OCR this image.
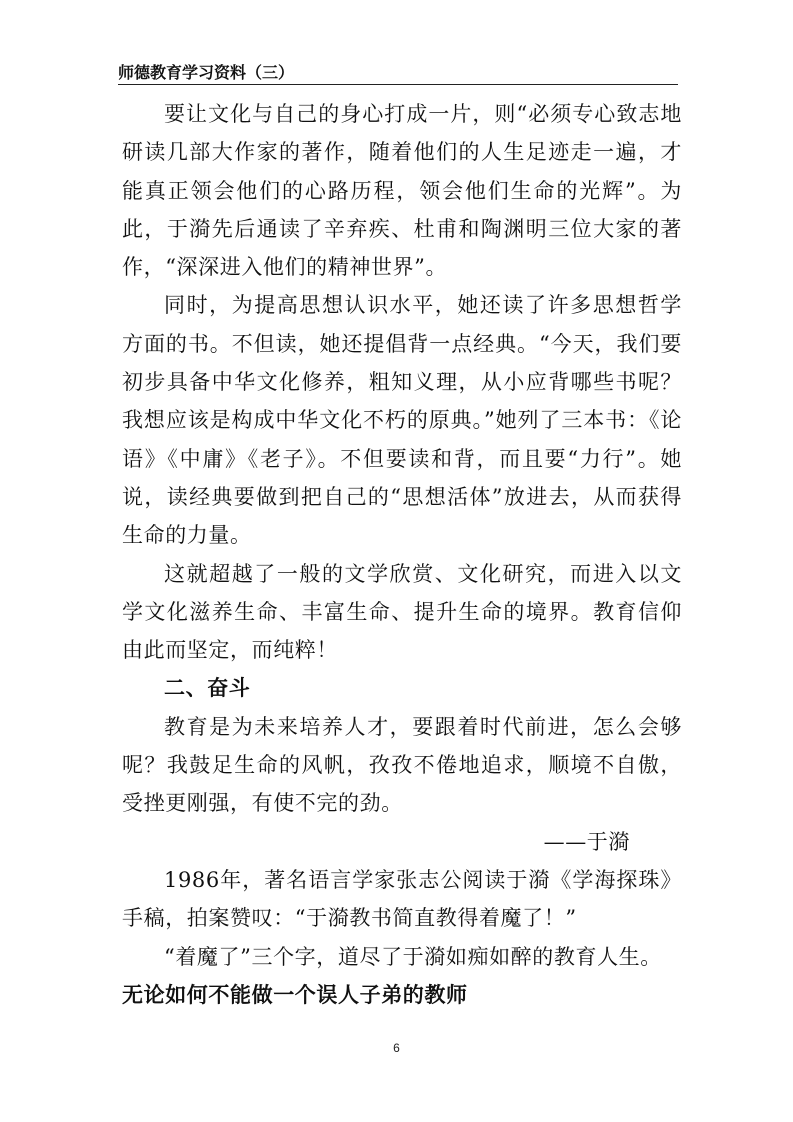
师德教育学习资料（三）

要让文化与自己的身心打成一片，则“必须专心致志地研读几部大作家的著作，随着他们的人生足迹走一遍，才能真正领会他们的心路历程，领会他们生命的光辉”。为此，于漪先后通读了辛弃疾、杜甫和陶渊明三位大家的著作，“深深进入他们的精神世界”。

同时，为提高思想认识水平，她还读了许多思想哲学方面的书。不但读，她还提倡背一点经典。“今天，我们要初步具备中华文化修养，粗知义理，从小应背哪些书呢？我想应该是构成中华文化不朽的原典。”她列了三本书：《论语》《中庸》《老子》。不但要读和背，而且要“力行”。她说，读经典要做到把自己的“思想活体”放进去，从而获得生命的力量。

这就超越了一般的文学欣赏、文化研究，而进入以文学文化滋养生命、丰富生命、提升生命的境界。教育信仰由此而坚定，而纯粹！

二、奋斗

教育是为未来培养人才，要跟着时代前进，怎么会够呢？我鼓足生命的风帆，孜孜不倦地追求，顺境不自傲，受挫更刚强，有使不完的劲。

——于漪

1986年，著名语言学家张志公阅读于漪《学海探珠》手稿，拍案赞叹：“于漪教书简直教得着魔了！”

“着魔了”三个字，道尽了于漪如痴如醉的教育人生。

无论如何不能做一个误人子弟的教师

6
